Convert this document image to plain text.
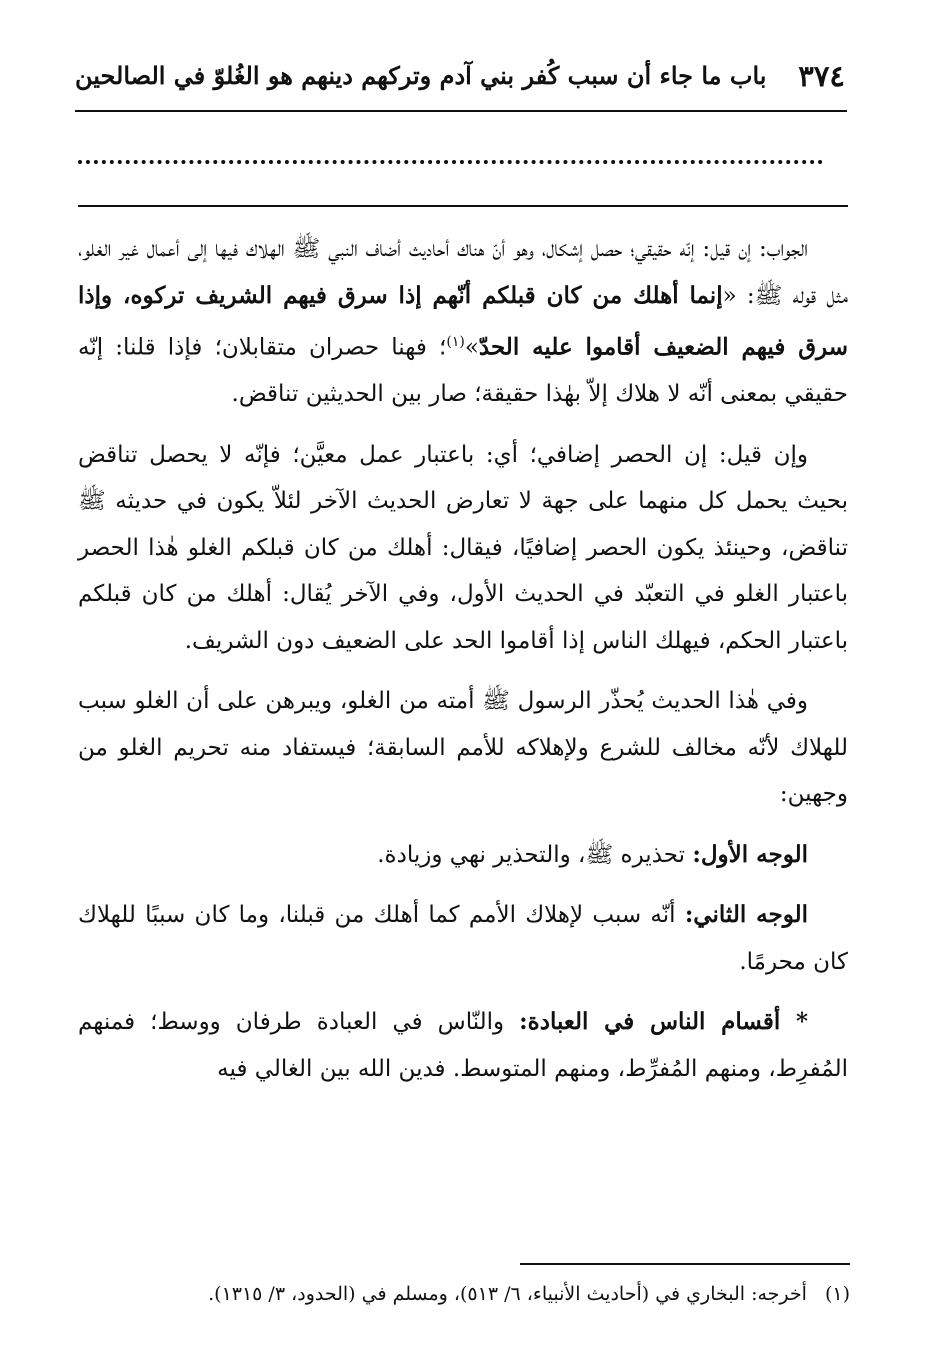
٣٧٤
باب ما جاء أن سبب كُفر بني آدم وتركهم دينهم هو الغُلوّ في الصالحين

الجواب: إن قيل: إنّه حقيقي؛ حصل إشكال، وهو أنّ هناك أحاديث أضاف النبي ﷺ الهلاك فيها إلى أعمال غير الغلو، مثل قوله ﷺ: «إنما أهلك من كان قبلكم أنّهم إذا سرق فيهم الشريف تركوه، وإذا سرق فيهم الضعيف أقاموا عليه الحدّ»$^{(١)}$؛ فهنا حصران متقابلان؛ فإذا قلنا: إنّه حقيقي بمعنى أنّه لا هلاك إلاّ بهٰذا حقيقة؛ صار بين الحديثين تناقض.

وإن قيل: إن الحصر إضافي؛ أي: باعتبار عمل معيَّن؛ فإنّه لا يحصل تناقض بحيث يحمل كل منهما على جهة لا تعارض الحديث الآخر لئلاّ يكون في حديثه ﷺ تناقض، وحينئذ يكون الحصر إضافيًا، فيقال: أهلك من كان قبلكم الغلو هٰذا الحصر باعتبار الغلو في التعبّد في الحديث الأول، وفي الآخر يُقال: أهلك من كان قبلكم باعتبار الحكم، فيهلك الناس إذا أقاموا الحد على الضعيف دون الشريف.

وفي هٰذا الحديث يُحذّر الرسول ﷺ أمته من الغلو، ويبرهن على أن الغلو سبب للهلاك لأنّه مخالف للشرع ولإهلاكه للأمم السابقة؛ فيستفاد منه تحريم الغلو من وجهين:

الوجه الأول: تحذيره ﷺ، والتحذير نهي وزيادة.

الوجه الثاني: أنّه سبب لإهلاك الأمم كما أهلك من قبلنا، وما كان سببًا للهلاك كان محرمًا.

* أقسام الناس في العبادة: والنّاس في العبادة طرفان ووسط؛ فمنهم المُفرِط، ومنهم المُفرِّط، ومنهم المتوسط. فدين الله بين الغالي فيه

(١)أخرجه: البخاري في (أحاديث الأنبياء، ٦/ ٥١٣)، ومسلم في (الحدود، ٣/ ١٣١٥).
